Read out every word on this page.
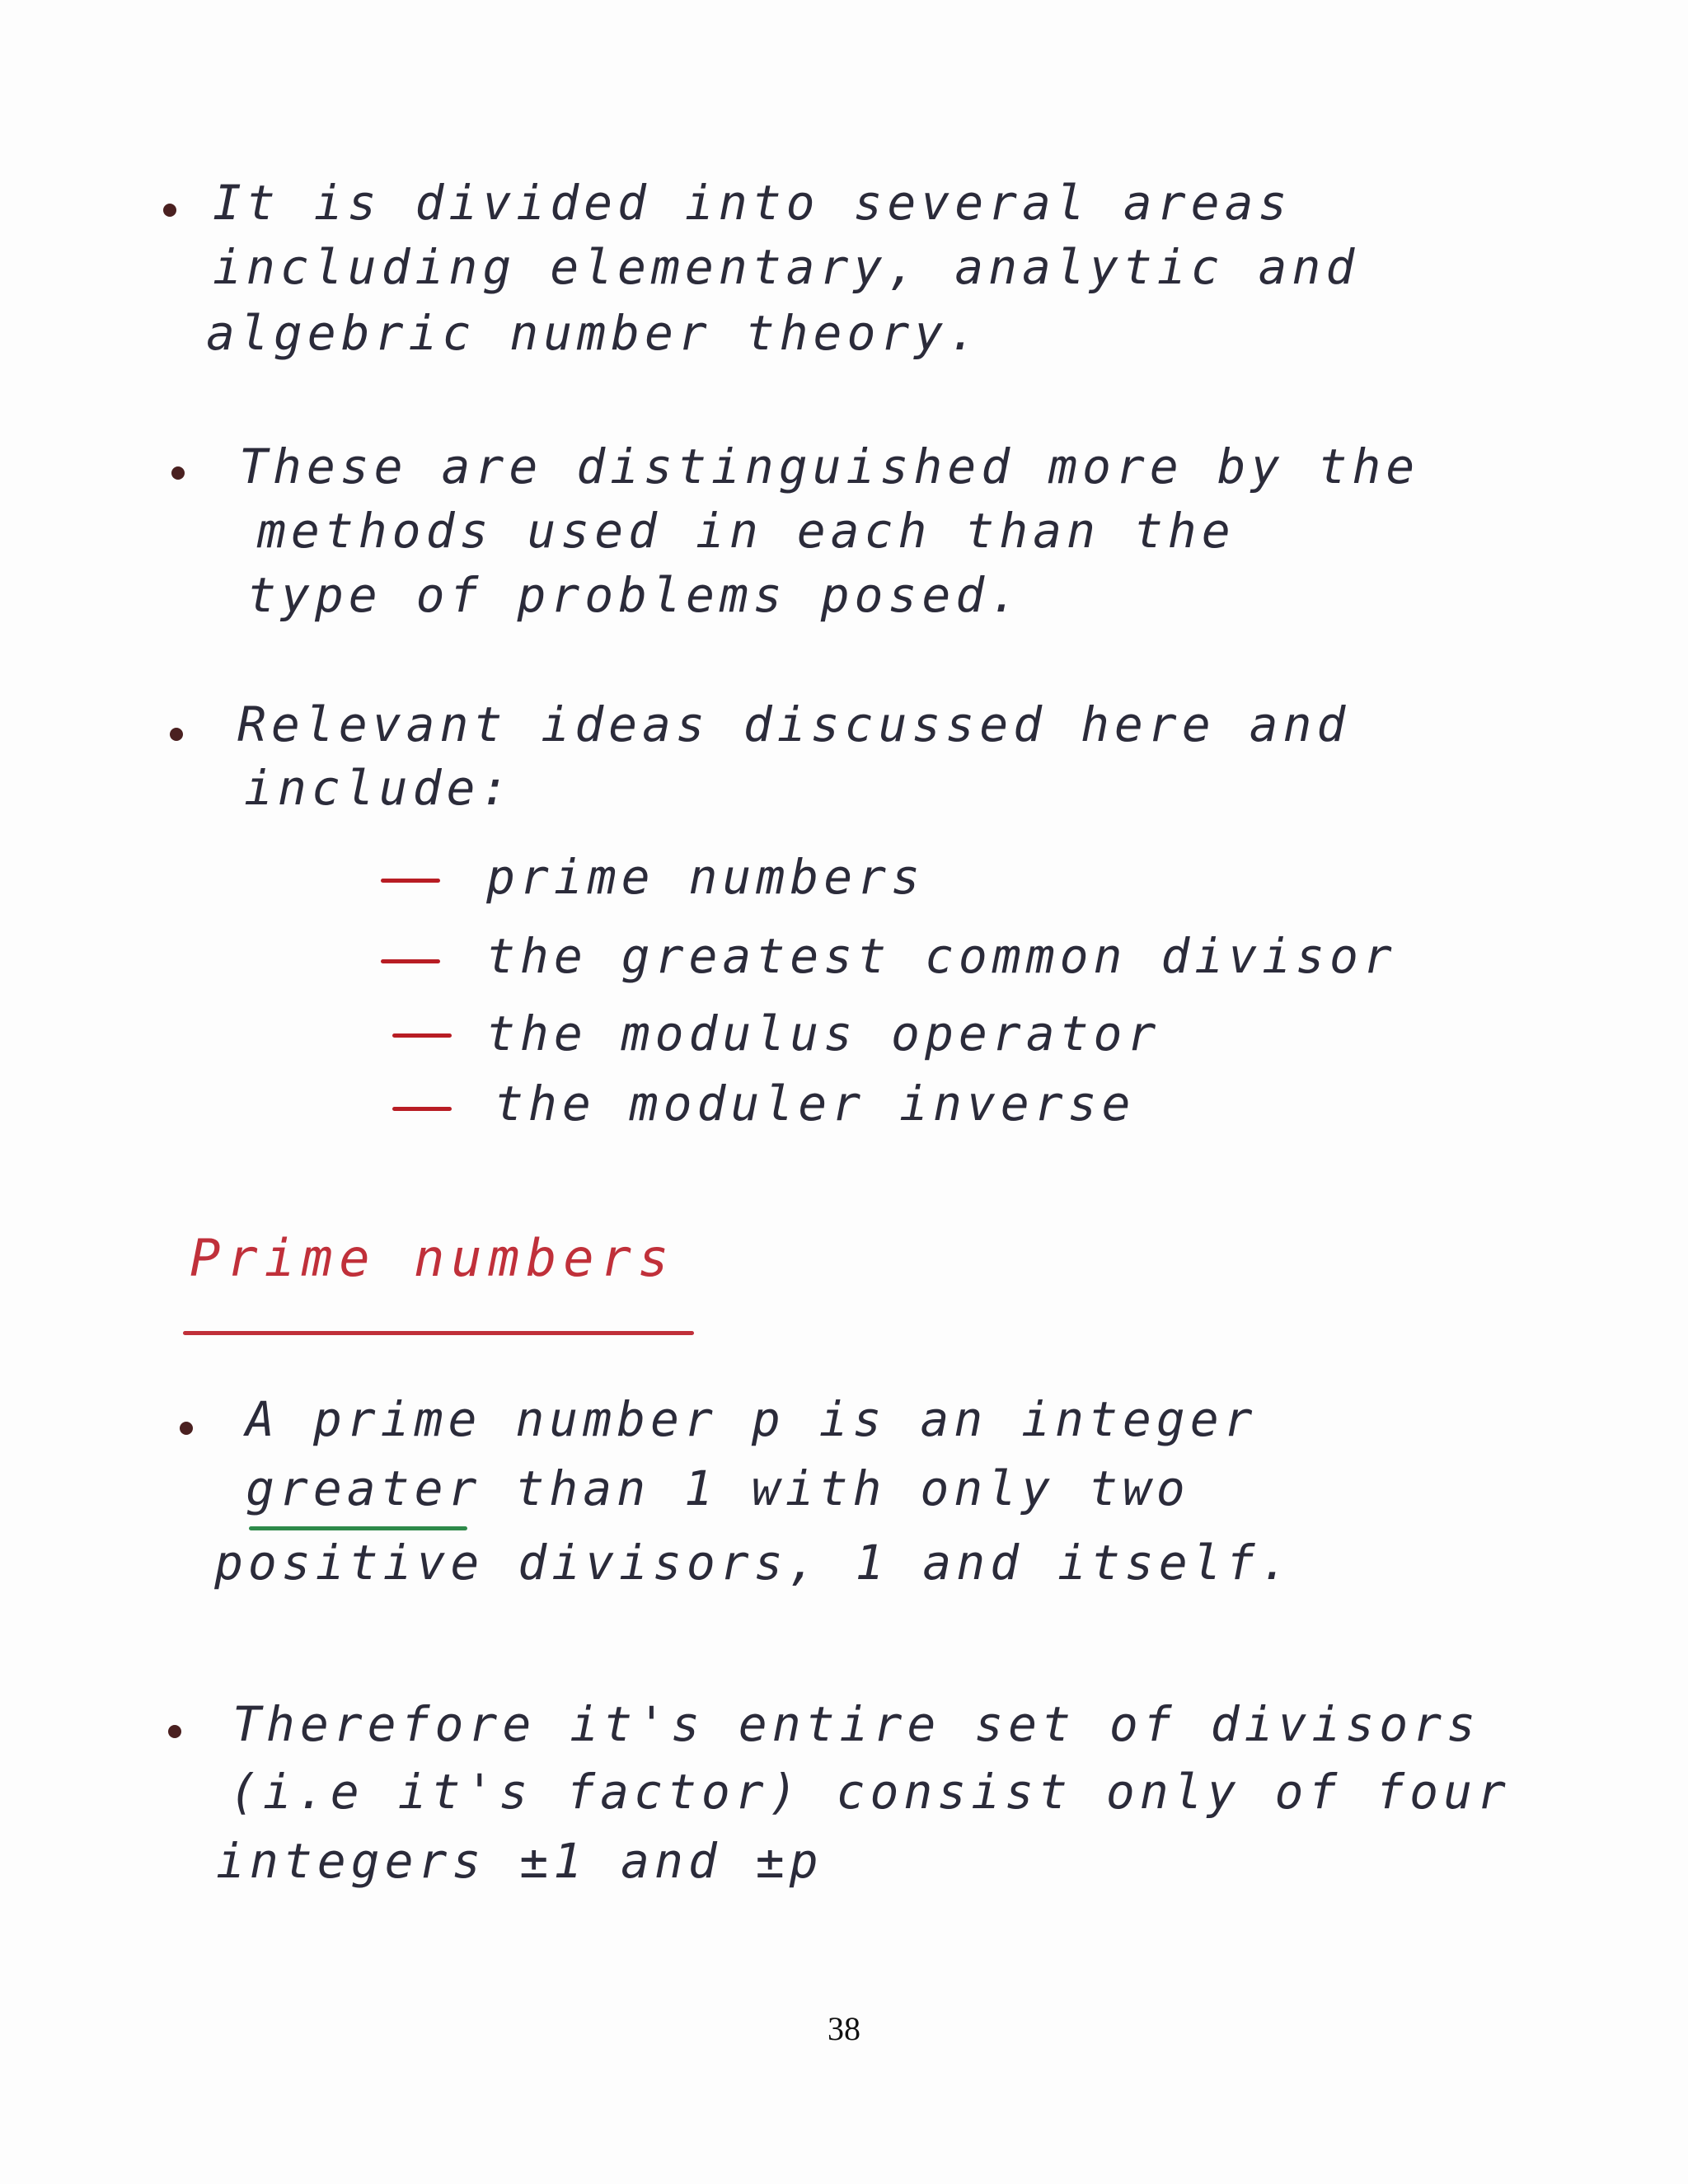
It is divided into several areas
including elementary, analytic and
algebric number theory.
These are distinguished more by the
methods used in each than the
type of problems posed.
Relevant ideas discussed here and
include:
prime numbers
the greatest common divisor
the modulus operator
the moduler inverse
Prime numbers
A prime number p is an integer
greater than 1 with only two
positive divisors, 1 and itself.
Therefore it's entire set of divisors
(i.e it's factor) consist only of four
integers ±1 and ±p
38
